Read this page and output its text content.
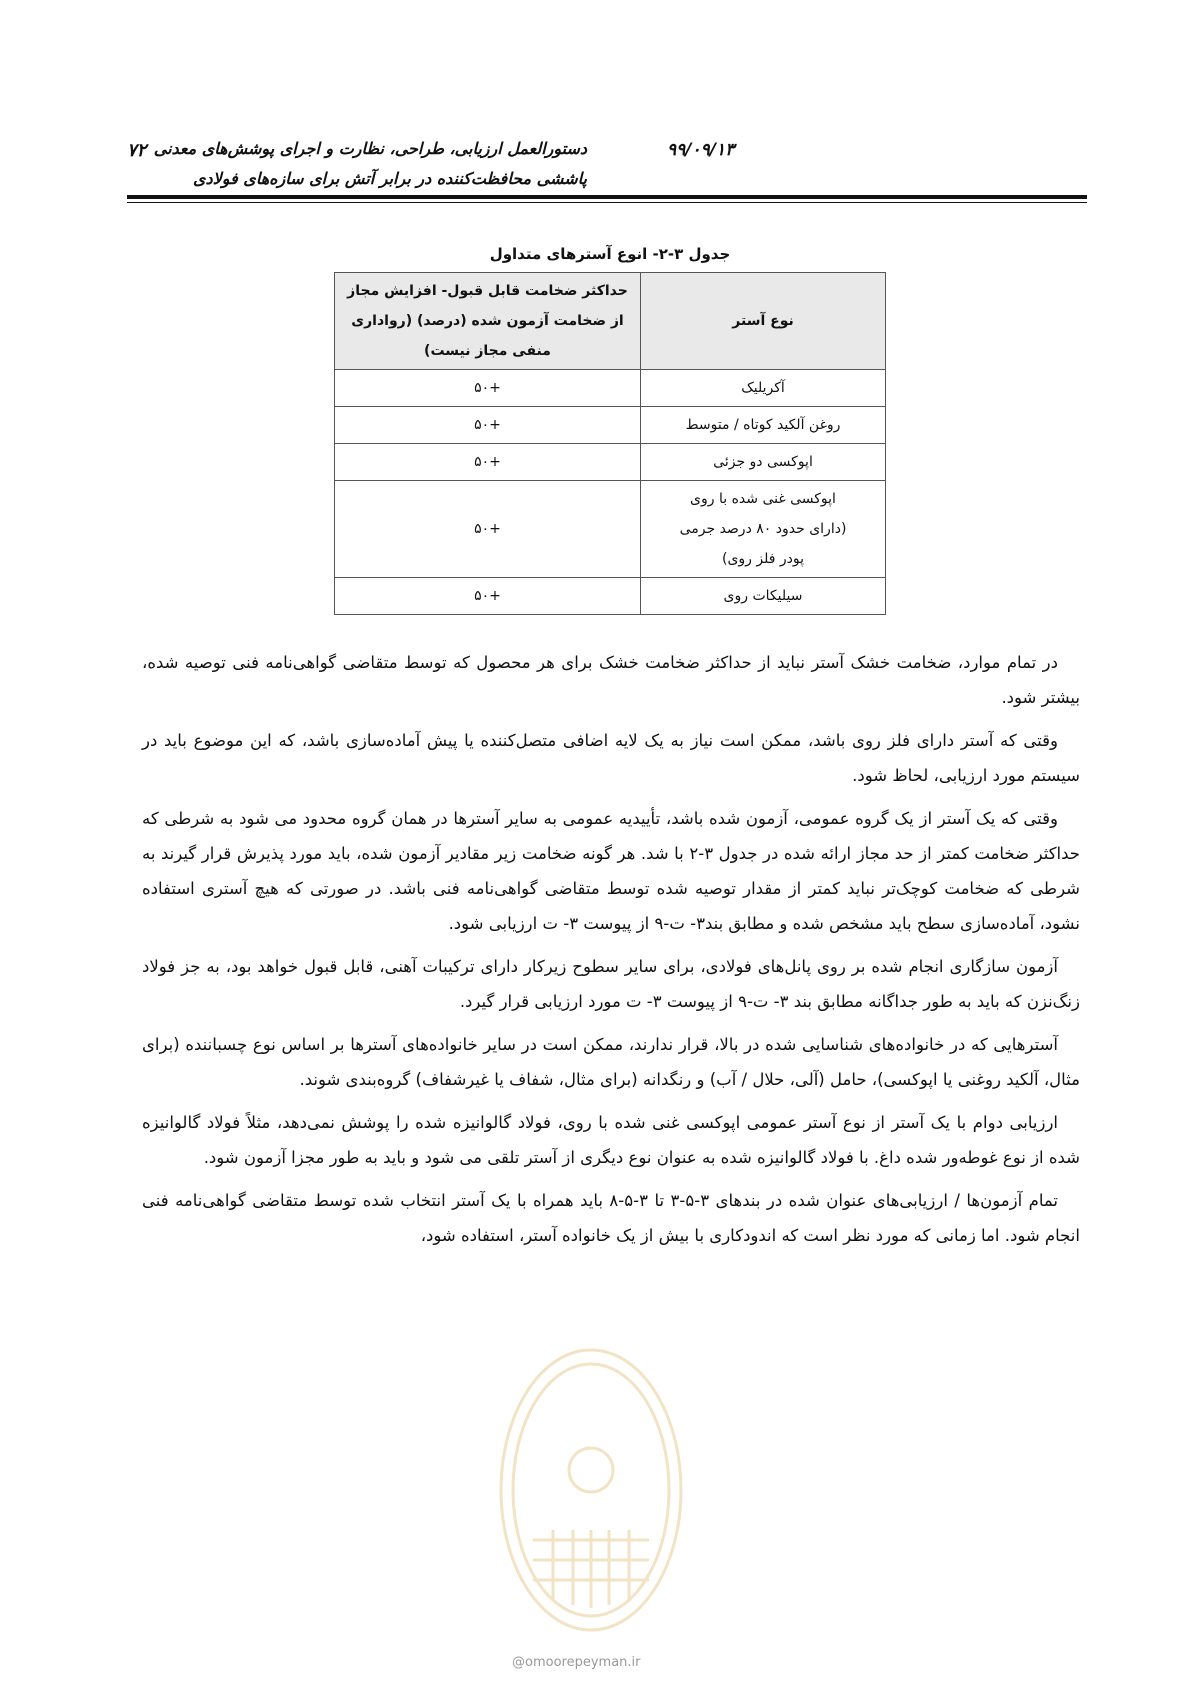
دستورالعمل ارزیابی، طراحی، نظارت و اجرای پوشش‌های معدنی
پاششی محافظت‌کننده در برابر آتش برای سازه‌های فولادی
۹۹/۰۹/۱۳
۷۲
جدول ۳-۲- انوع آسترهای متداول
نوع آستر	حداکثر ضخامت قابل قبول- افزایش مجاز از ضخامت آزمون شده (درصد) (رواداری منفی مجاز نیست)
آکریلیک	+۵۰
روغن آلکید کوتاه / متوسط	+۵۰
اپوکسی دو جزئی	+۵۰
اپوکسی غنی شده با روی (دارای حدود ۸۰ درصد جرمی پودر فلز روی)	+۵۰
سیلیکات روی	+۵۰

در تمام موارد، ضخامت خشک آستر نباید از حداکثر ضخامت خشک برای هر محصول که توسط متقاضی گواهی‌نامه فنی توصیه شده، بیشتر شود.

وقتی که آستر دارای فلز روی باشد، ممکن است نیاز به یک لایه اضافی متصل‌کننده یا پیش آماده‌سازی باشد، که این موضوع باید در سیستم مورد ارزیابی، لحاظ شود.

وقتی که یک آستر از یک گروه عمومی، آزمون شده باشد، تأییدیه عمومی به سایر آسترها در همان گروه محدود می شود به شرطی که حداکثر ضخامت کمتر از حد مجاز ارائه شده در جدول ۳-۲ با شد. هر گونه ضخامت زیر مقادیر آزمون شده، باید مورد پذیرش قرار گیرند به شرطی که ضخامت کوچک‌تر نباید کمتر از مقدار توصیه شده توسط متقاضی گواهی‌نامه فنی باشد. در صورتی که هیچ آستری استفاده نشود، آماده‌سازی سطح باید مشخص شده و مطابق بند۳- ت-۹ از پیوست ۳- ت ارزیابی شود.

آزمون سازگاری انجام شده بر روی پانل‌های فولادی، برای سایر سطوح زیرکار دارای ترکیبات آهنی، قابل قبول خواهد بود، به جز فولاد زنگ‌نزن که باید به طور جداگانه مطابق بند ۳- ت-۹ از پیوست ۳- ت مورد ارزیابی قرار گیرد.

آسترهایی که در خانواده‌های شناسایی شده در بالا، قرار ندارند، ممکن است در سایر خانواده‌های آسترها بر اساس نوع چسباننده (برای مثال، آلکید روغنی یا اپوکسی)، حامل (آلی، حلال / آب) و رنگدانه (برای مثال، شفاف یا غیرشفاف) گروه‌بندی شوند.

ارزیابی دوام با یک آستر از نوع آستر عمومی اپوکسی غنی شده با روی، فولاد گالوانیزه شده را پوشش نمی‌دهد، مثلاً فولاد گالوانیزه شده از نوع غوطه‌ور شده داغ. با فولاد گالوانیزه شده به عنوان نوع دیگری از آستر تلقی می شود و باید به طور مجزا آزمون شود.

تمام آزمون‌ها / ارزیابی‌های عنوان شده در بندهای ۳-۵-۳ تا ۳-۵-۸ باید همراه با یک آستر انتخاب شده توسط متقاضی گواهی‌نامه فنی انجام شود. اما زمانی که مورد نظر است که اندودکاری با بیش از یک خانواده آستر، استفاده شود،

@omoorepeyman.ir
